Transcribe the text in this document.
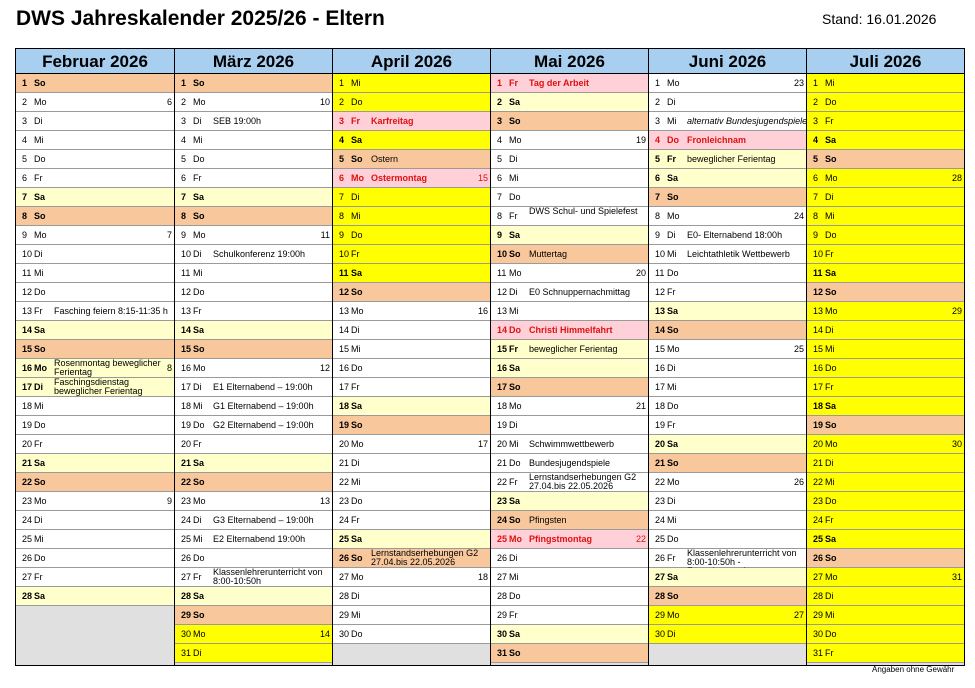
DWS Jahreskalender 2025/26 - Eltern	Stand: 16.01.2026
Februar 2026
1 So
2 Mo	6
3 Di
4 Mi
5 Do
6 Fr
7 Sa
8 So
9 Mo	7
10 Di
11 Mi
12 Do
13 Fr Fasching feiern 8:15-11:35 h
14 Sa
15 So
16 Mo Rosenmontag beweglicher Ferientag	8
17 Di Faschingsdienstag beweglicher Ferientag
18 Mi
19 Do
20 Fr
21 Sa
22 So
23 Mo	9
24 Di
25 Mi
26 Do
27 Fr
28 Sa
März 2026
1 So
2 Mo	10
3 Di SEB 19:00h
4 Mi
5 Do
6 Fr
7 Sa
8 So
9 Mo	11
10 Di Schulkonferenz 19:00h
11 Mi
12 Do
13 Fr
14 Sa
15 So
16 Mo	12
17 Di E1 Elternabend – 19:00h
18 Mi G1 Elternabend – 19:00h
19 Do G2 Elternabend – 19:00h
20 Fr
21 Sa
22 So
23 Mo	13
24 Di G3 Elternabend – 19:00h
25 Mi E2 Elternabend 19:00h
26 Do
27 Fr Klassenlehrerunterricht von 8:00-10:50h
28 Sa
29 So
30 Mo	14
31 Di
April 2026
1 Mi
2 Do
3 Fr Karfreitag
4 Sa
5 So Ostern
6 Mo Ostermontag	15
7 Di
8 Mi
9 Do
10 Fr
11 Sa
12 So
13 Mo	16
14 Di
15 Mi
16 Do
17 Fr
18 Sa
19 So
20 Mo	17
21 Di
22 Mi
23 Do
24 Fr
25 Sa
26 So Lernstandserhebungen G2 27.04.bis 22.05.2026
27 Mo	18
28 Di
29 Mi
30 Do
Mai 2026
1 Fr Tag der Arbeit
2 Sa
3 So
4 Mo	19
5 Di
6 Mi
7 Do
8 Fr DWS Schul- und Spielefest
9 Sa
10 So Muttertag
11 Mo	20
12 Di E0 Schnuppernachmittag
13 Mi
14 Do Christi Himmelfahrt
15 Fr beweglicher Ferientag
16 Sa
17 So
18 Mo	21
19 Di
20 Mi Schwimmwettbewerb
21 Do Bundesjugendspiele
22 Fr Lernstandserhebungen G2 27.04.bis 22.05.2026
23 Sa
24 So Pfingsten
25 Mo Pfingstmontag	22
26 Di
27 Mi
28 Do
29 Fr
30 Sa
31 So
Juni 2026
1 Mo	23
2 Di
3 Mi alternativ Bundesjugendspiele
4 Do Fronleichnam
5 Fr beweglicher Ferientag
6 Sa
7 So
8 Mo	24
9 Di E0- Elternabend 18:00h
10 Mi Leichtathletik Wettbewerb
11 Do
12 Fr
13 Sa
14 So
15 Mo	25
16 Di
17 Mi
18 Do
19 Fr
20 Sa
21 So
22 Mo	26
23 Di
24 Mi
25 Do
26 Fr Klassenlehrerunterricht von 8:00-10:50h -
27 Sa
28 So
29 Mo	27
30 Di
Juli 2026
1 Mi
2 Do
3 Fr
4 Sa
5 So
6 Mo	28
7 Di
8 Mi
9 Do
10 Fr
11 Sa
12 So
13 Mo	29
14 Di
15 Mi
16 Do
17 Fr
18 Sa
19 So
20 Mo	30
21 Di
22 Mi
23 Do
24 Fr
25 Sa
26 So
27 Mo	31
28 Di
29 Mi
30 Do
31 Fr
Angaben ohne Gewähr
